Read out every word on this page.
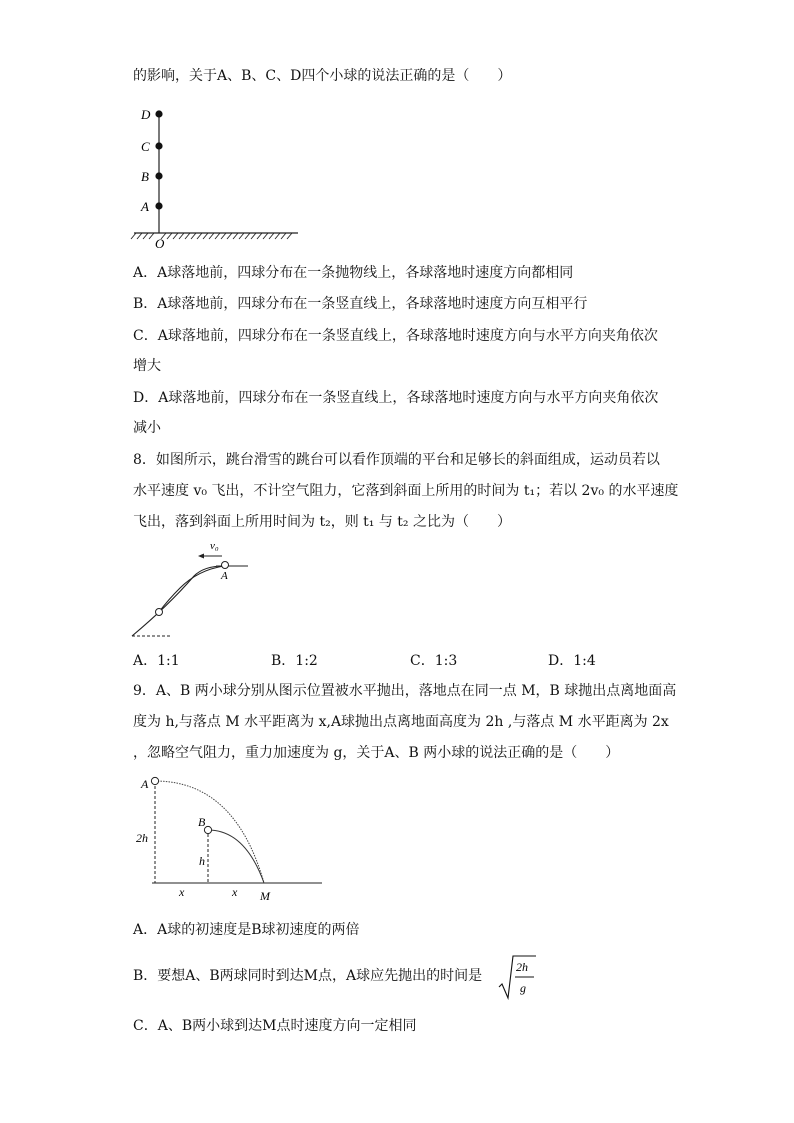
的影响，关于A、B、C、D四个小球的说法正确的是（　　）
D
C
B
A
O
A．A球落地前，四球分布在一条抛物线上，各球落地时速度方向都相同
B．A球落地前，四球分布在一条竖直线上，各球落地时速度方向互相平行
C．A球落地前，四球分布在一条竖直线上，各球落地时速度方向与水平方向夹角依次
增大
D．A球落地前，四球分布在一条竖直线上，各球落地时速度方向与水平方向夹角依次
减小
8．如图所示，跳台滑雪的跳台可以看作顶端的平台和足够长的斜面组成，运动员若以
水平速度 v₀ 飞出，不计空气阻力，它落到斜面上所用的时间为 t₁；若以 2v₀ 的水平速度
飞出，落到斜面上所用时间为 t₂，则 t₁ 与 t₂ 之比为（　　）
v₀
A
A．1:1	B．1:2	C．1:3	D．1:4
9．A、B 两小球分别从图示位置被水平抛出，落地点在同一点 M，B 球抛出点离地面高
度为 h,与落点 M 水平距离为 x,A球抛出点离地面高度为 2h ,与落点 M 水平距离为 2x
，忽略空气阻力，重力加速度为 g，关于A、B 两小球的说法正确的是（　　）
A
B
2h
h
x	x M
A．A球的初速度是B球初速度的两倍
B．要想A、B两球同时到达M点，A球应先抛出的时间是
2h
g
C．A、B两小球到达M点时速度方向一定相同
